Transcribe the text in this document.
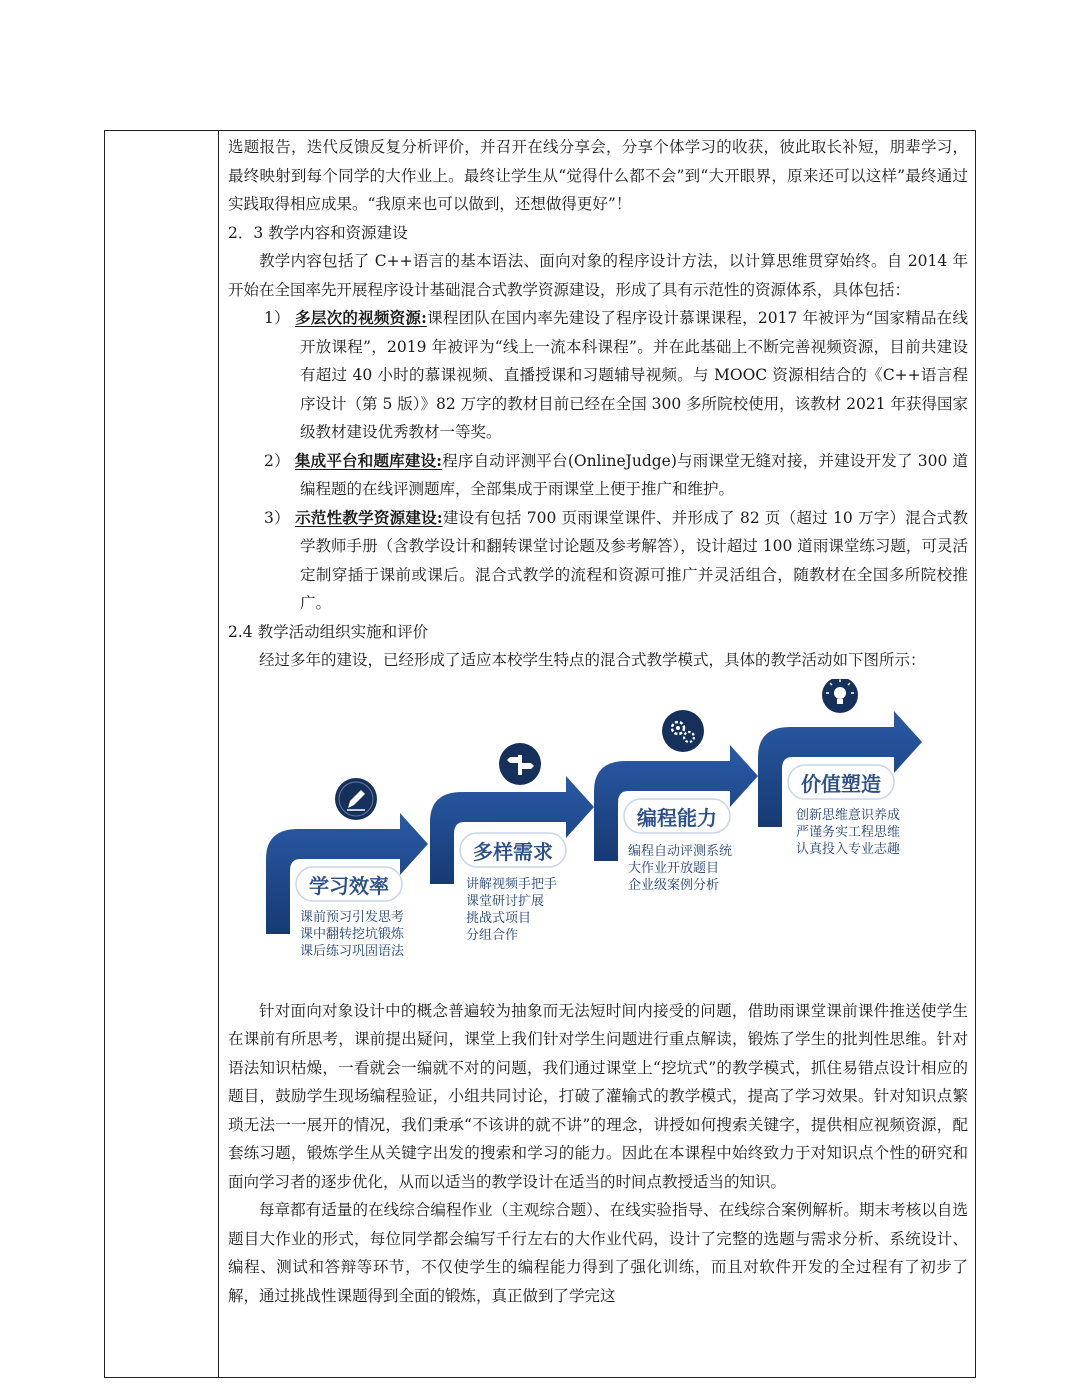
选题报告，迭代反馈反复分析评价，并召开在线分享会，分享个体学习的收获，彼此取长补短，朋辈学习，最终映射到每个同学的大作业上。最终让学生从“觉得什么都不会”到“大开眼界，原来还可以这样”最终通过实践取得相应成果。“我原来也可以做到，还想做得更好”！

2．3 教学内容和资源建设

教学内容包括了 C++语言的基本语法、面向对象的程序设计方法，以计算思维贯穿始终。自 2014 年开始在全国率先开展程序设计基础混合式教学资源建设，形成了具有示范性的资源体系，具体包括：

1） 多层次的视频资源:课程团队在国内率先建设了程序设计慕课课程，2017 年被评为“国家精品在线开放课程”，2019 年被评为“线上一流本科课程”。并在此基础上不断完善视频资源，目前共建设有超过 40 小时的慕课视频、直播授课和习题辅导视频。与 MOOC 资源相结合的《C++语言程序设计（第 5 版）》82 万字的教材目前已经在全国 300 多所院校使用，该教材 2021 年获得国家级教材建设优秀教材一等奖。

2） 集成平台和题库建设:程序自动评测平台(OnlineJudge)与雨课堂无缝对接，并建设开发了 300 道编程题的在线评测题库，全部集成于雨课堂上便于推广和维护。

3） 示范性教学资源建设:建设有包括 700 页雨课堂课件、并形成了 82 页（超过 10 万字）混合式教学教师手册（含教学设计和翻转课堂讨论题及参考解答），设计超过 100 道雨课堂练习题，可灵活定制穿插于课前或课后。混合式教学的流程和资源可推广并灵活组合，随教材在全国多所院校推广。

2.4 教学活动组织实施和评价

经过多年的建设，已经形成了适应本校学生特点的混合式教学模式，具体的教学活动如下图所示：

学习效率
多样需求
编程能力
价值塑造
课前预习引发思考
课中翻转挖坑锻炼
课后练习巩固语法
讲解视频手把手
课堂研讨扩展
挑战式项目
分组合作
编程自动评测系统
大作业开放题目
企业级案例分析
创新思维意识养成
严谨务实工程思维
认真投入专业志趣

针对面向对象设计中的概念普遍较为抽象而无法短时间内接受的问题，借助雨课堂课前课件推送使学生在课前有所思考，课前提出疑问，课堂上我们针对学生问题进行重点解读，锻炼了学生的批判性思维。针对语法知识枯燥，一看就会一编就不对的问题，我们通过课堂上“挖坑式”的教学模式，抓住易错点设计相应的题目，鼓励学生现场编程验证，小组共同讨论，打破了灌输式的教学模式，提高了学习效果。针对知识点繁琐无法一一展开的情况，我们秉承“不该讲的就不讲”的理念，讲授如何搜索关键字，提供相应视频资源，配套练习题，锻炼学生从关键字出发的搜索和学习的能力。因此在本课程中始终致力于对知识点个性的研究和面向学习者的逐步优化，从而以适当的教学设计在适当的时间点教授适当的知识。

每章都有适量的在线综合编程作业（主观综合题）、在线实验指导、在线综合案例解析。期末考核以自选题目大作业的形式，每位同学都会编写千行左右的大作业代码，设计了完整的选题与需求分析、系统设计、编程、测试和答辩等环节，不仅使学生的编程能力得到了强化训练，而且对软件开发的全过程有了初步了解，通过挑战性课题得到全面的锻炼，真正做到了学完这
